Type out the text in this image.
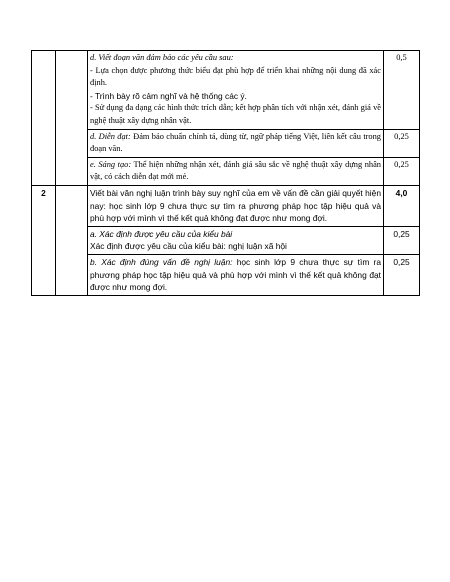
		d. Viết đoạn văn đảm bảo các yêu cầu sau:
- Lựa chọn được phương thức biểu đạt phù hợp để triển khai những nội dung đã xác định.
- Trình bày rõ cảm nghĩ và hệ thống các ý.
- Sử dụng đa dạng các hình thức trích dẫn; kết hợp phân tích với nhận xét, đánh giá về nghệ thuật xây dựng nhân vật.	0,5
		d. Diễn đạt: Đảm bảo chuẩn chính tả, dùng từ, ngữ pháp tiếng Việt, liên kết câu trong đoạn văn.	0,25
		e. Sáng tạo: Thể hiện những nhận xét, đánh giá sâu sắc về nghệ thuật xây dựng nhân vật, có cách diễn đạt mới mẻ.	0,25
2		Viết bài văn nghị luận trình bày suy nghĩ của em về vấn đề cần giải quyết hiện nay: học sinh lớp 9 chưa thực sự tìm ra phương pháp học tập hiệu quả và phù hợp với mình vì thế kết quả không đạt được như mong đợi.	4,0

		a. Xác định được yêu cầu của kiểu bài
Xác định được yêu cầu của kiểu bài: nghị luận xã hội	0,25
		b. Xác định đúng vấn đề nghị luận: học sinh lớp 9 chưa thực sự tìm ra phương pháp học tập hiệu quả và phù hợp với mình vì thế kết quả không đạt được như mong đợi.	0,25
